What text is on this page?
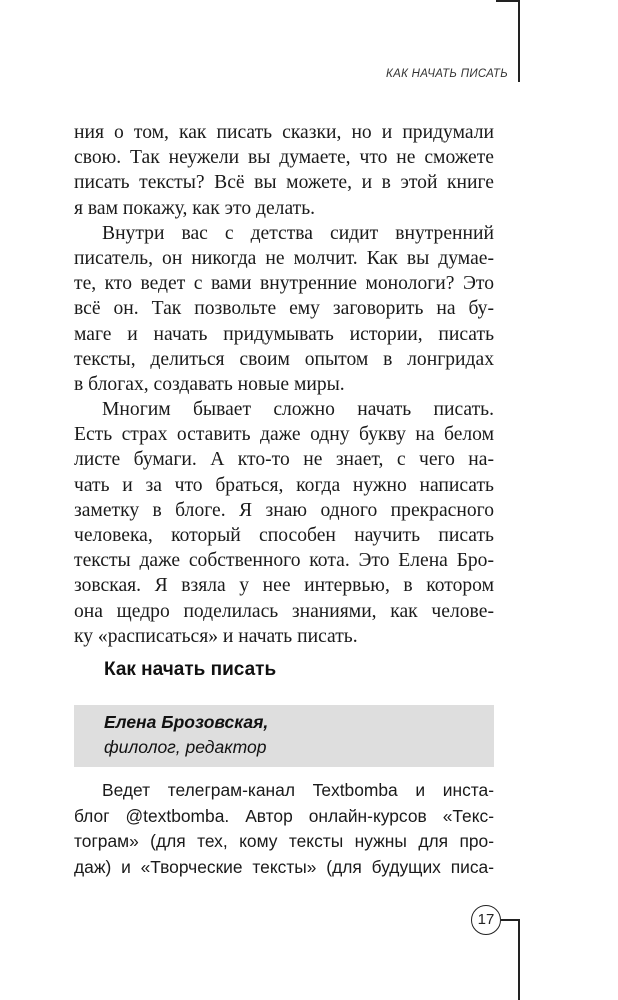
КАК НАЧАТЬ ПИСАТЬ
ния о том, как писать сказки, но и придумали
свою. Так неужели вы думаете, что не сможете
писать тексты? Всё вы можете, и в этой книге
я вам покажу, как это делать.
Внутри вас с детства сидит внутренний
писатель, он никогда не молчит. Как вы думае-
те, кто ведет с вами внутренние монологи? Это
всё он. Так позвольте ему заговорить на бу-
маге и начать придумывать истории, писать
тексты, делиться своим опытом в лонгридах
в блогах, создавать новые миры.
Многим бывает сложно начать писать.
Есть страх оставить даже одну букву на белом
листе бумаги. А кто-то не знает, с чего на-
чать и за что браться, когда нужно написать
заметку в блоге. Я знаю одного прекрасного
человека, который способен научить писать
тексты даже собственного кота. Это Елена Бро-
зовская. Я взяла у нее интервью, в котором
она щедро поделилась знаниями, как человe-
ку «расписаться» и начать писать.
Как начать писать
Елена Брозовская,
филолог, редактор
Ведет телеграм-канал Textbomba и инста-
блог @textbomba. Автор онлайн-курсов «Текс-
тограм» (для тех, кому тексты нужны для про-
даж) и «Творческие тексты» (для будущих писа-
17
